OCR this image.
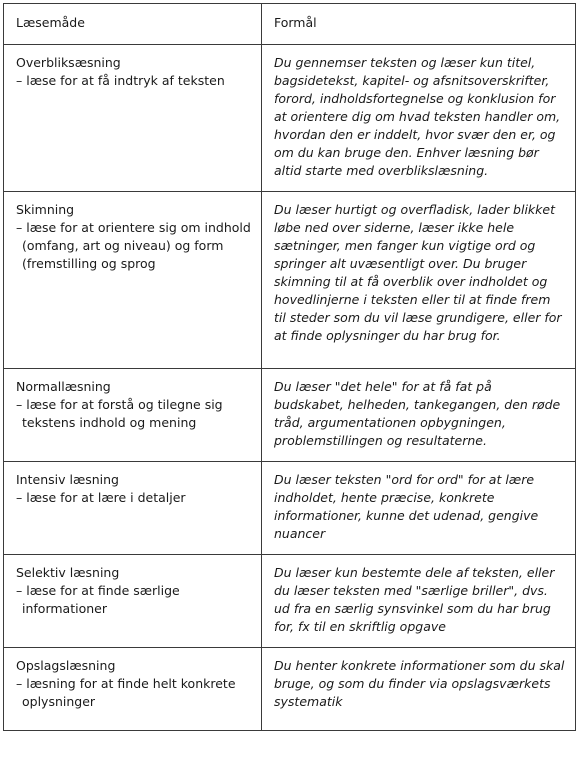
Læsemåde	Formål

Overbliksæsning
– læse for at få indtryk af teksten	Du gennemser teksten og læser kun titel, bagsidetekst, kapitel- og afsnitsoverskrifter, forord, indholdsfortegnelse og konklusion for at orientere dig om hvad teksten handler om, hvordan den er inddelt, hvor svær den er, og om du kan bruge den. Enhver læsning bør altid starte med overblikslæsning.

Skimning
– læse for at orientere sig om indhold (omfang, art og niveau) og form (fremstilling og sprog	Du læser hurtigt og overfladisk, lader blikket løbe ned over siderne, læser ikke hele sætninger, men fanger kun vigtige ord og springer alt uvæsentligt over. Du bruger skimning til at få overblik over indholdet og hovedlinjerne i teksten eller til at finde frem til steder som du vil læse grundigere, eller for at finde oplysninger du har brug for.

Normallæsning
– læse for at forstå og tilegne sig tekstens indhold og mening	Du læser "det hele" for at få fat på budskabet, helheden, tankegangen, den røde tråd, argumentationen opbygningen, problemstillingen og resultaterne.

Intensiv læsning
– læse for at lære i detaljer	Du læser teksten "ord for ord" for at lære indholdet, hente præcise, konkrete informationer, kunne det udenad, gengive nuancer

Selektiv læsning
– læse for at finde særlige informationer	Du læser kun bestemte dele af teksten, eller du læser teksten med "særlige briller", dvs. ud fra en særlig synsvinkel som du har brug for, fx til en skriftlig opgave

Opslagslæsning
– læsning for at finde helt konkrete oplysninger	Du henter konkrete informationer som du skal bruge, og som du finder via opslagsværkets systematik
